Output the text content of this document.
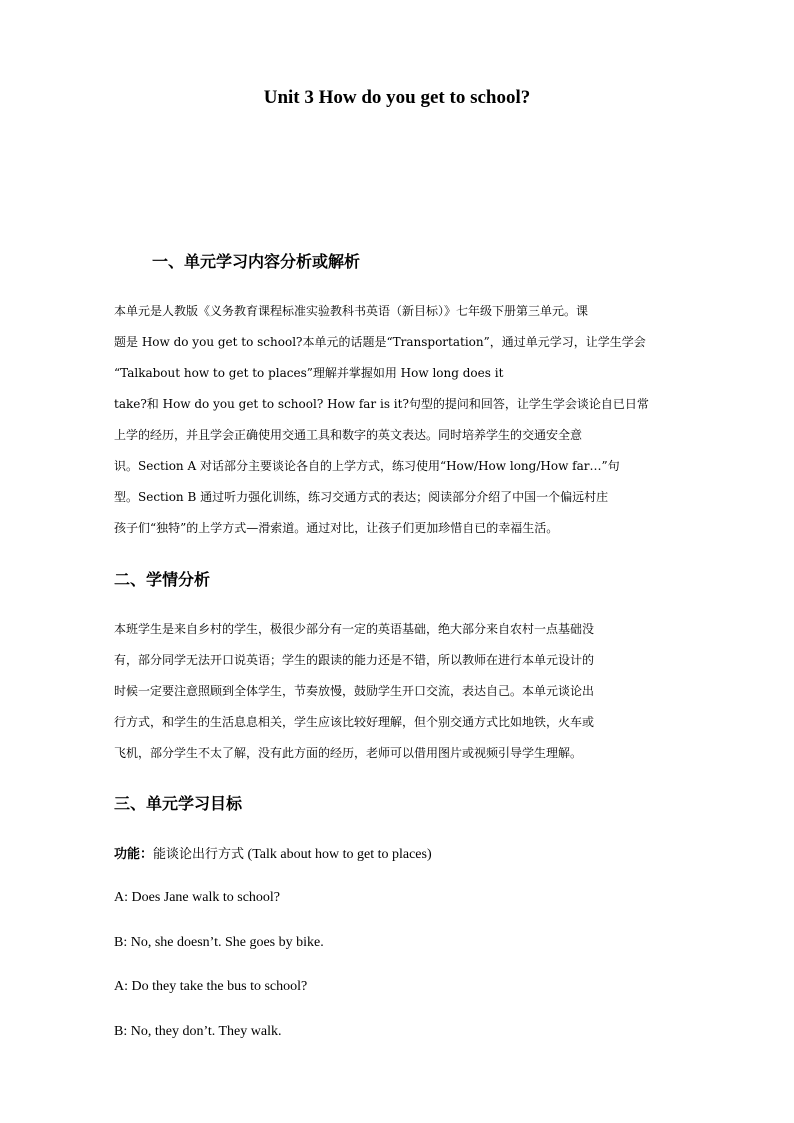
Unit 3 How do you get to school?
一、单元学习内容分析或解析
本单元是人教版《义务教育课程标准实验教科书英语（新目标）》七年级下册第三单元。课
题是 How do you get to school?本单元的话题是“Transportation”，通过单元学习，让学生学会
“Talkabout how to get to places”理解并掌握如用 How long does it
take?和 How do you get to school? How far is it?句型的提问和回答，让学生学会谈论自已日常
上学的经历，并且学会正确使用交通工具和数字的英文表达。同时培养学生的交通安全意
识。Section A 对话部分主要谈论各自的上学方式，练习使用“How/How long/How far…”句
型。Section B 通过听力强化训练，练习交通方式的表达；阅读部分介绍了中国一个偏远村庄
孩子们“独特”的上学方式—滑索道。通过对比，让孩子们更加珍惜自已的幸福生活。
二、学情分析
本班学生是来自乡村的学生，极很少部分有一定的英语基础，绝大部分来自农村一点基础没
有，部分同学无法开口说英语；学生的跟读的能力还是不错，所以教师在进行本单元设计的
时候一定要注意照顾到全体学生，节奏放慢，鼓励学生开口交流，表达自己。本单元谈论出
行方式，和学生的生活息息相关，学生应该比较好理解，但个别交通方式比如地铁，火车或
飞机，部分学生不太了解，没有此方面的经历，老师可以借用图片或视频引导学生理解。
三、单元学习目标

功能：能谈论出行方式 (Talk about how to get to places)

A: Does Jane walk to school?

B: No, she doesn’t. She goes by bike.

A: Do they take the bus to school?

B: No, they don’t. They walk.
